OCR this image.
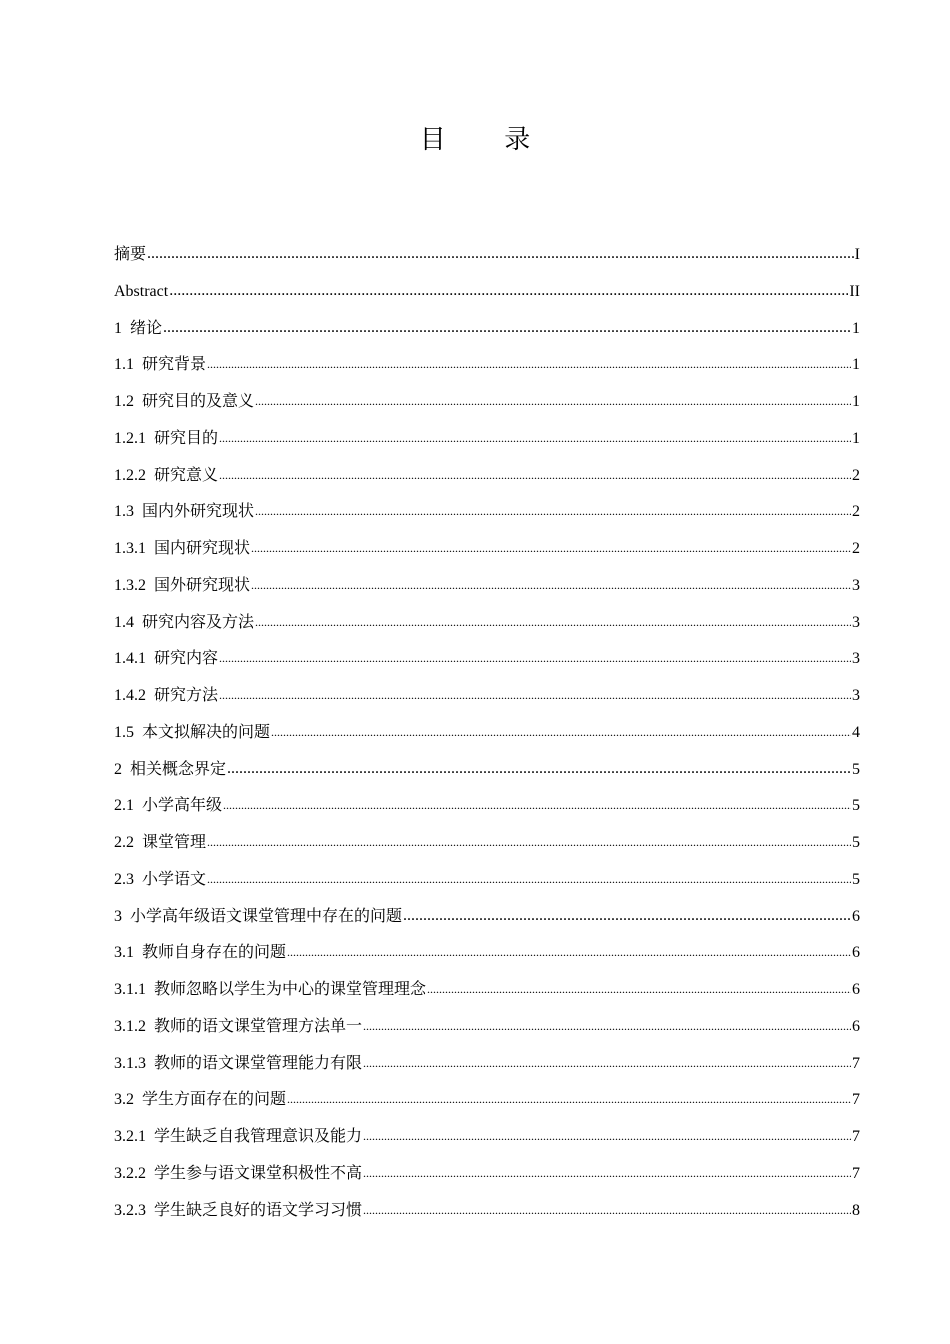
目 录
摘要 .....	I
Abstract .....	II
1 绪论 .....	1
1.1 研究背景 .....	1
1.2 研究目的及意义 .....	1
1.2.1 研究目的 .....	1
1.2.2 研究意义 .....	2
1.3 国内外研究现状 .....	2
1.3.1 国内研究现状 .....	2
1.3.2 国外研究现状 .....	3
1.4 研究内容及方法 .....	3
1.4.1 研究内容 .....	3
1.4.2 研究方法 .....	3
1.5 本文拟解决的问题 .....	4
2 相关概念界定 .....	5
2.1 小学高年级 .....	5
2.2 课堂管理 .....	5
2.3 小学语文 .....	5
3 小学高年级语文课堂管理中存在的问题 .....	6
3.1 教师自身存在的问题 .....	6
3.1.1 教师忽略以学生为中心的课堂管理理念 .....	6
3.1.2 教师的语文课堂管理方法单一 .....	6
3.1.3 教师的语文课堂管理能力有限 .....	7
3.2 学生方面存在的问题 .....	7
3.2.1 学生缺乏自我管理意识及能力 .....	7
3.2.2 学生参与语文课堂积极性不高 .....	7
3.2.3 学生缺乏良好的语文学习习惯 .....	8
